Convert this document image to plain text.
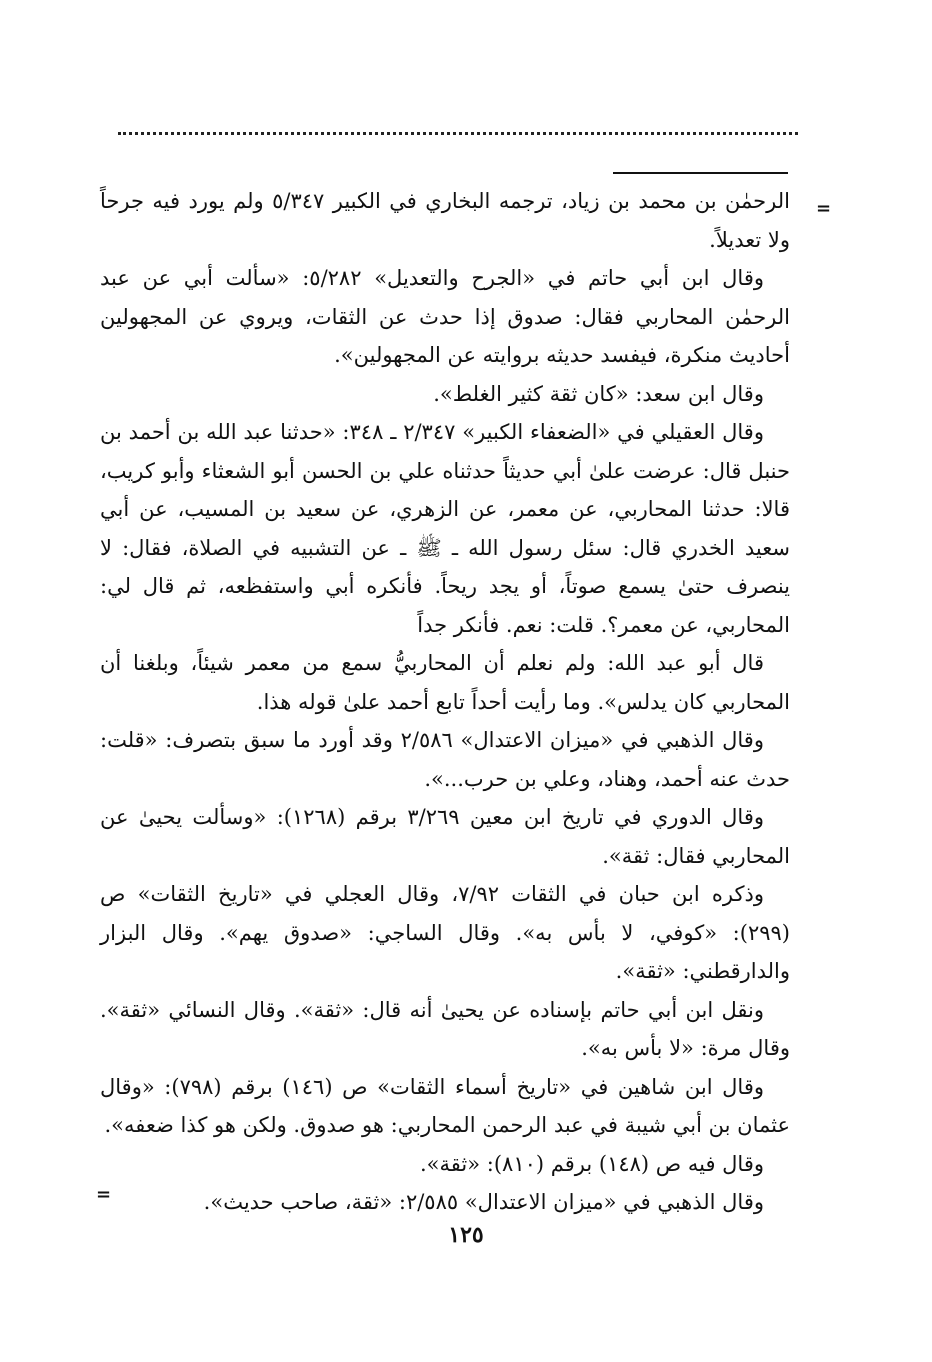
=

الرحمٰن بن محمد بن زياد، ترجمه البخاري في الكبير ٥/٣٤٧ ولم يورد فيه جرحاً ولا تعديلاً.

وقال ابن أبي حاتم في «الجرح والتعديل» ٥/٢٨٢: «سألت أبي عن عبد الرحمٰن المحاربي فقال: صدوق إذا حدث عن الثقات، ويروي عن المجهولين أحاديث منكرة، فيفسد حديثه بروايته عن المجهولين».

وقال ابن سعد: «كان ثقة كثير الغلط».

وقال العقيلي في «الضعفاء الكبير» ٢/٣٤٧ ـ ٣٤٨: «حدثنا عبد الله بن أحمد بن حنبل قال: عرضت علىٰ أبي حديثاً حدثناه علي بن الحسن أبو الشعثاء وأبو كريب، قالا: حدثنا المحاربي، عن معمر، عن الزهري، عن سعيد بن المسيب، عن أبي سعيد الخدري قال: سئل رسول الله ـ ﷺ ـ عن التشبيه في الصلاة، فقال: لا ينصرف حتىٰ يسمع صوتاً، أو يجد ريحاً. فأنكره أبي واستفظعه، ثم قال لي: المحاربي، عن معمر؟. قلت: نعم. فأنكر جداً

قال أبو عبد الله: ولم نعلم أن المحاربيُّ سمع من معمر شيئاً، وبلغنا أن المحاربي كان يدلس». وما رأيت أحداً تابع أحمد علىٰ قوله هذا.

وقال الذهبي في «ميزان الاعتدال» ٢/٥٨٦ وقد أورد ما سبق بتصرف: «قلت: حدث عنه أحمد، وهناد، وعلي بن حرب...».

وقال الدوري في تاريخ ابن معين ٣/٢٦٩ برقم (١٢٦٨): «وسألت يحيىٰ عن المحاربي فقال: ثقة».

وذكره ابن حبان في الثقات ٧/٩٢، وقال العجلي في «تاريخ الثقات» ص (٢٩٩): «كوفي، لا بأس به». وقال الساجي: «صدوق يهم». وقال البزار والدارقطني: «ثقة».

ونقل ابن أبي حاتم بإسناده عن يحيىٰ أنه قال: «ثقة». وقال النسائي «ثقة». وقال مرة: «لا بأس به».

وقال ابن شاهين في «تاريخ أسماء الثقات» ص (١٤٦) برقم (٧٩٨): «وقال عثمان بن أبي شيبة في عبد الرحمن المحاربي: هو صدوق. ولكن هو كذا ضعفه».

وقال فيه ص (١٤٨) برقم (٨١٠): «ثقة».

وقال الذهبي في «ميزان الاعتدال» ٢/٥٨٥: «ثقة، صاحب حديث».

=
١٢٥
